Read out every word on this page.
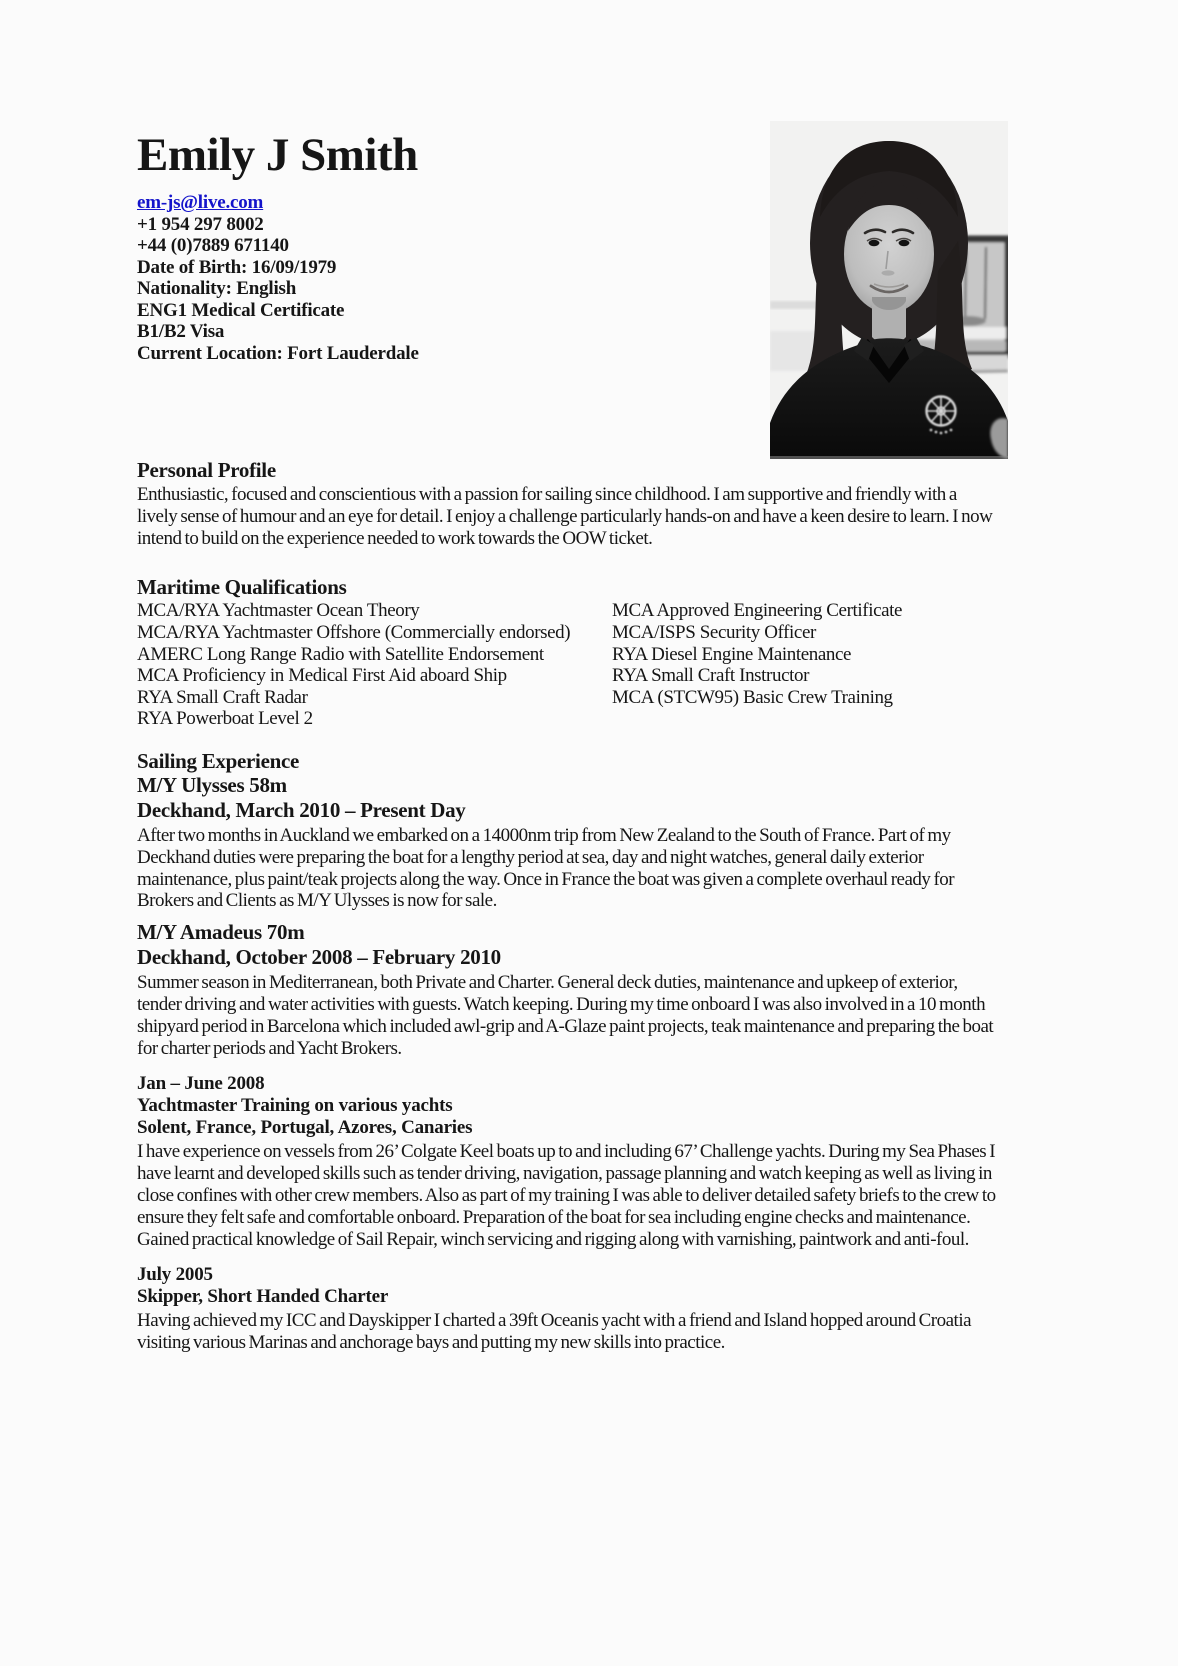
Emily J Smith
em-js@live.com
+1 954 297 8002
+44 (0)7889 671140
Date of Birth: 16/09/1979
Nationality: English
ENG1 Medical Certificate
B1/B2 Visa
Current Location: Fort Lauderdale
Personal Profile

Enthusiastic, focused and conscientious with a passion for sailing since childhood. I am supportive and friendly with a lively sense of humour and an eye for detail. I enjoy a challenge particularly hands-on and have a keen desire to learn. I now intend to build on the experience needed to work towards the OOW ticket.

Maritime Qualifications
MCA/RYA Yachtmaster Ocean Theory
MCA/RYA Yachtmaster Offshore (Commercially endorsed)
AMERC Long Range Radio with Satellite Endorsement
MCA Proficiency in Medical First Aid aboard Ship
RYA Small Craft Radar
RYA Powerboat Level 2
MCA Approved Engineering Certificate
MCA/ISPS Security Officer
RYA Diesel Engine Maintenance
RYA Small Craft Instructor
MCA (STCW95) Basic Crew Training
Sailing Experience
M/Y Ulysses 58m
Deckhand, March 2010 – Present Day

After two months in Auckland we embarked on a 14000nm trip from New Zealand to the South of France. Part of my Deckhand duties were preparing the boat for a lengthy period at sea, day and night watches, general daily exterior maintenance, plus paint/teak projects along the way. Once in France the boat was given a complete overhaul ready for Brokers and Clients as M/Y Ulysses is now for sale.

M/Y Amadeus 70m
Deckhand, October 2008 – February 2010

Summer season in Mediterranean, both Private and Charter. General deck duties, maintenance and upkeep of exterior, tender driving and water activities with guests. Watch keeping. During my time onboard I was also involved in a 10 month shipyard period in Barcelona which included awl-grip and A-Glaze paint projects, teak maintenance and preparing the boat for charter periods and Yacht Brokers.

Jan – June 2008
Yachtmaster Training on various yachts
Solent, France, Portugal, Azores, Canaries

I have experience on vessels from 26’ Colgate Keel boats up to and including 67’ Challenge yachts. During my Sea Phases I have learnt and developed skills such as tender driving, navigation, passage planning and watch keeping as well as living in close confines with other crew members. Also as part of my training I was able to deliver detailed safety briefs to the crew to ensure they felt safe and comfortable onboard. Preparation of the boat for sea including engine checks and maintenance. Gained practical knowledge of Sail Repair, winch servicing and rigging along with varnishing, paintwork and anti-foul.

July 2005
Skipper, Short Handed Charter

Having achieved my ICC and Dayskipper I charted a 39ft Oceanis yacht with a friend and Island hopped around Croatia visiting various Marinas and anchorage bays and putting my new skills into practice.
